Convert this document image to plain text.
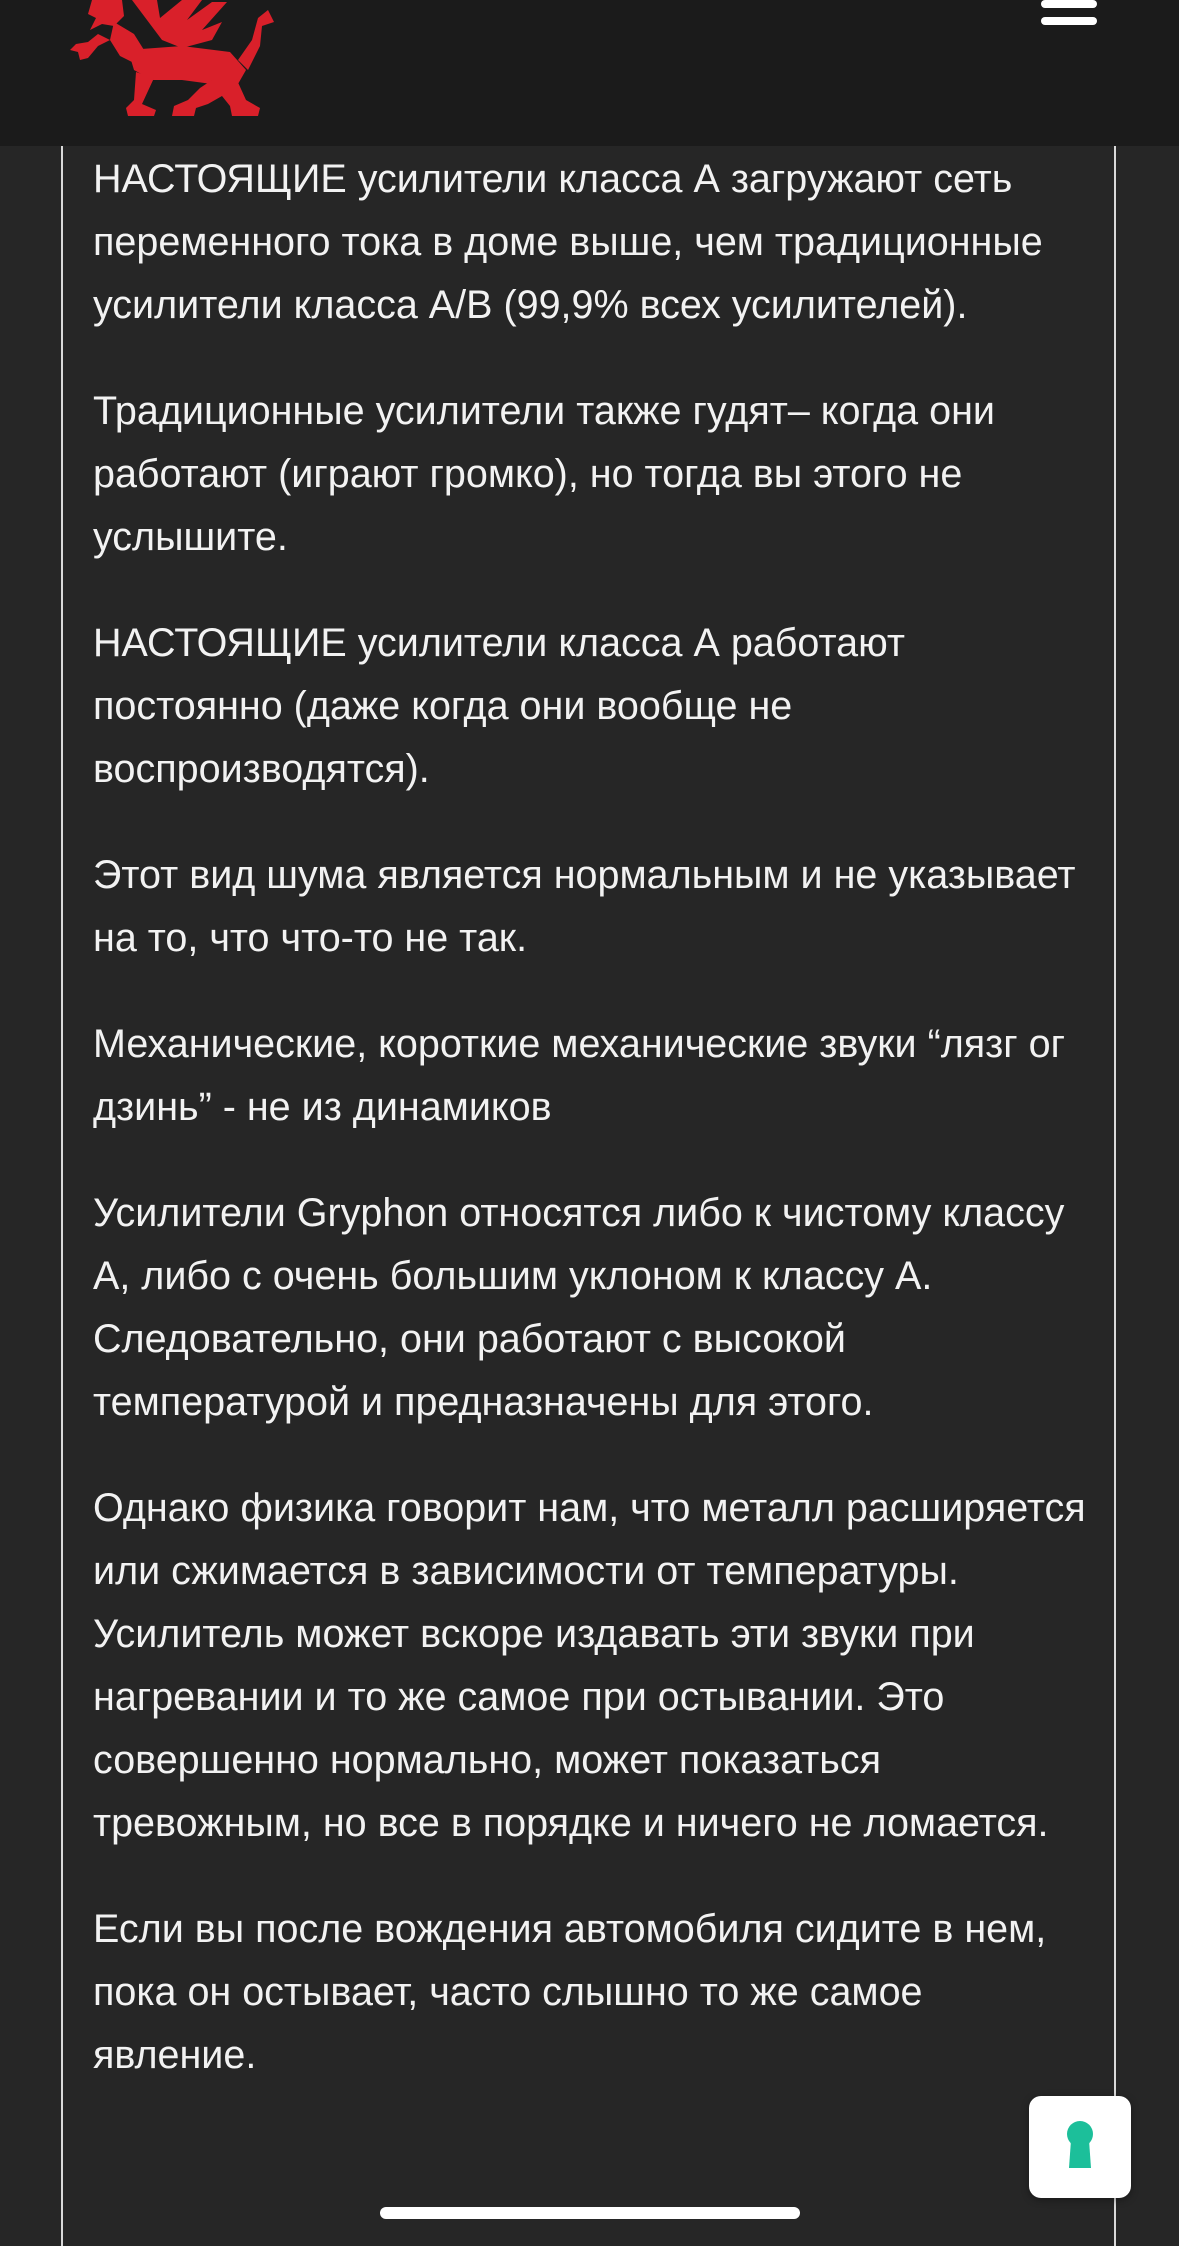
НАСТОЯЩИЕ усилители класса А загружают сеть переменного тока в доме выше, чем традиционные усилители класса A/B (99,9% всех усилителей).

Традиционные усилители также гудят– когда они работают (играют громко), но тогда вы этого не услышите.

НАСТОЯЩИЕ усилители класса А работают постоянно (даже когда они вообще не воспроизводятся).

Этот вид шума является нормальным и не указывает на то, что что-то не так.

Механические, короткие механические звуки “лязг ог дзинь” - не из динамиков

Усилители Gryphon относятся либо к чистому классу А, либо с очень большим уклоном к классу А. Следовательно, они работают с высокой температурой и предназначены для этого.

Однако физика говорит нам, что металл расширяется или сжимается в зависимости от температуры. Усилитель может вскоре издавать эти звуки при нагревании и то же самое при остывании. Это совершенно нормально, может показаться тревожным, но все в порядке и ничего не ломается.

Если вы после вождения автомобиля сидите в нем, пока он остывает, часто слышно то же самое явление.
